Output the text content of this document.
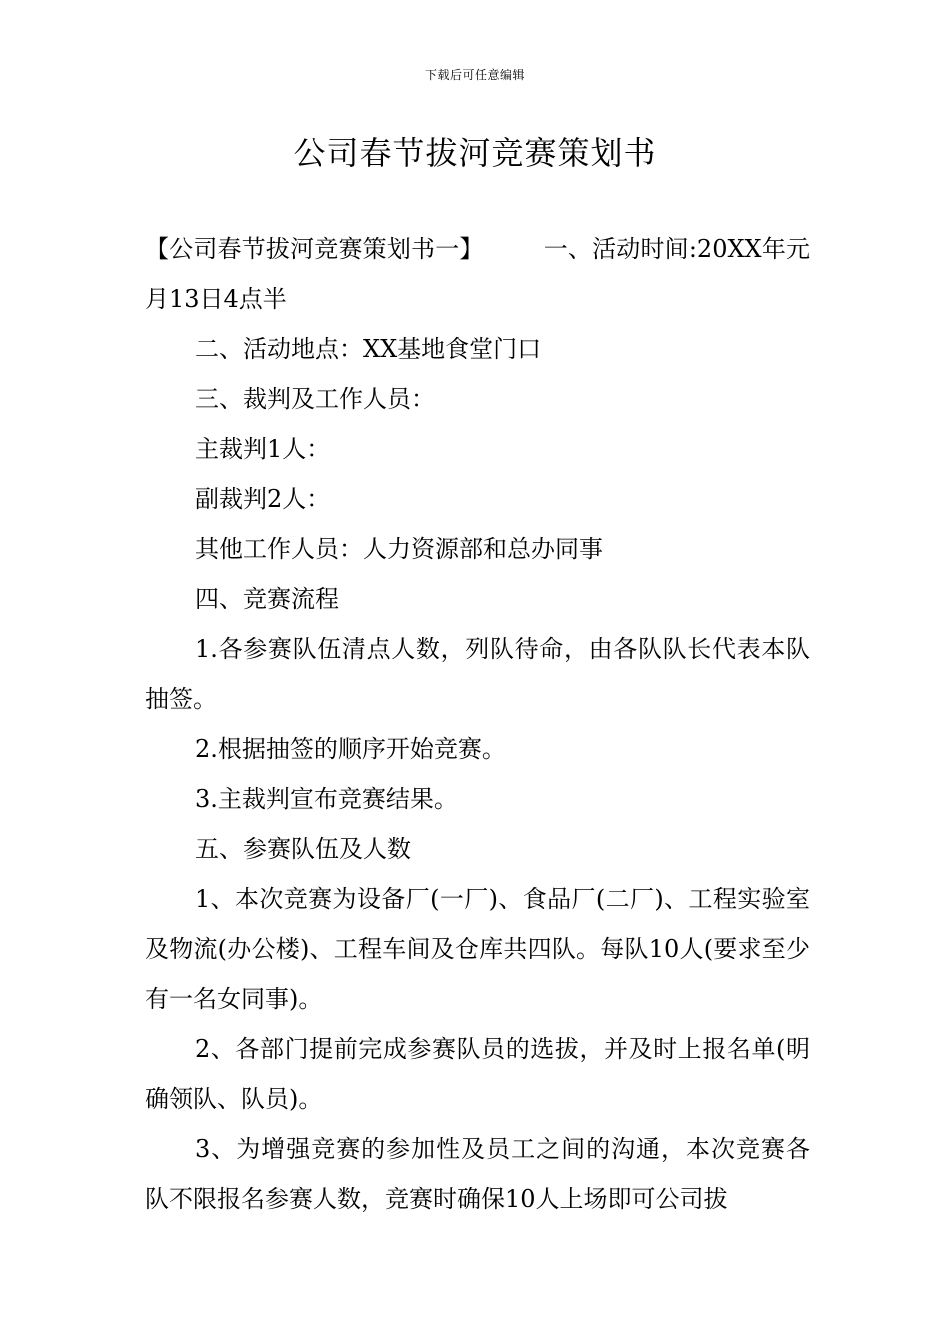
下载后可任意编辑
公司春节拔河竞赛策划书

【公司春节拔河竞赛策划书一】	一、活动时间:20XX年元月13日4点半

二、活动地点：XX基地食堂门口

三、裁判及工作人员：

主裁判1人：

副裁判2人：

其他工作人员：人力资源部和总办同事

四、竞赛流程

1.各参赛队伍清点人数，列队待命，由各队队长代表本队抽签。

2.根据抽签的顺序开始竞赛。

3.主裁判宣布竞赛结果。

五、参赛队伍及人数

1、本次竞赛为设备厂(一厂)、食品厂(二厂)、工程实验室及物流(办公楼)、工程车间及仓库共四队。每队10人(要求至少有一名女同事)。

2、各部门提前完成参赛队员的选拔，并及时上报名单(明确领队、队员)。

3、为增强竞赛的参加性及员工之间的沟通，本次竞赛各队不限报名参赛人数，竞赛时确保10人上场即可公司拔
